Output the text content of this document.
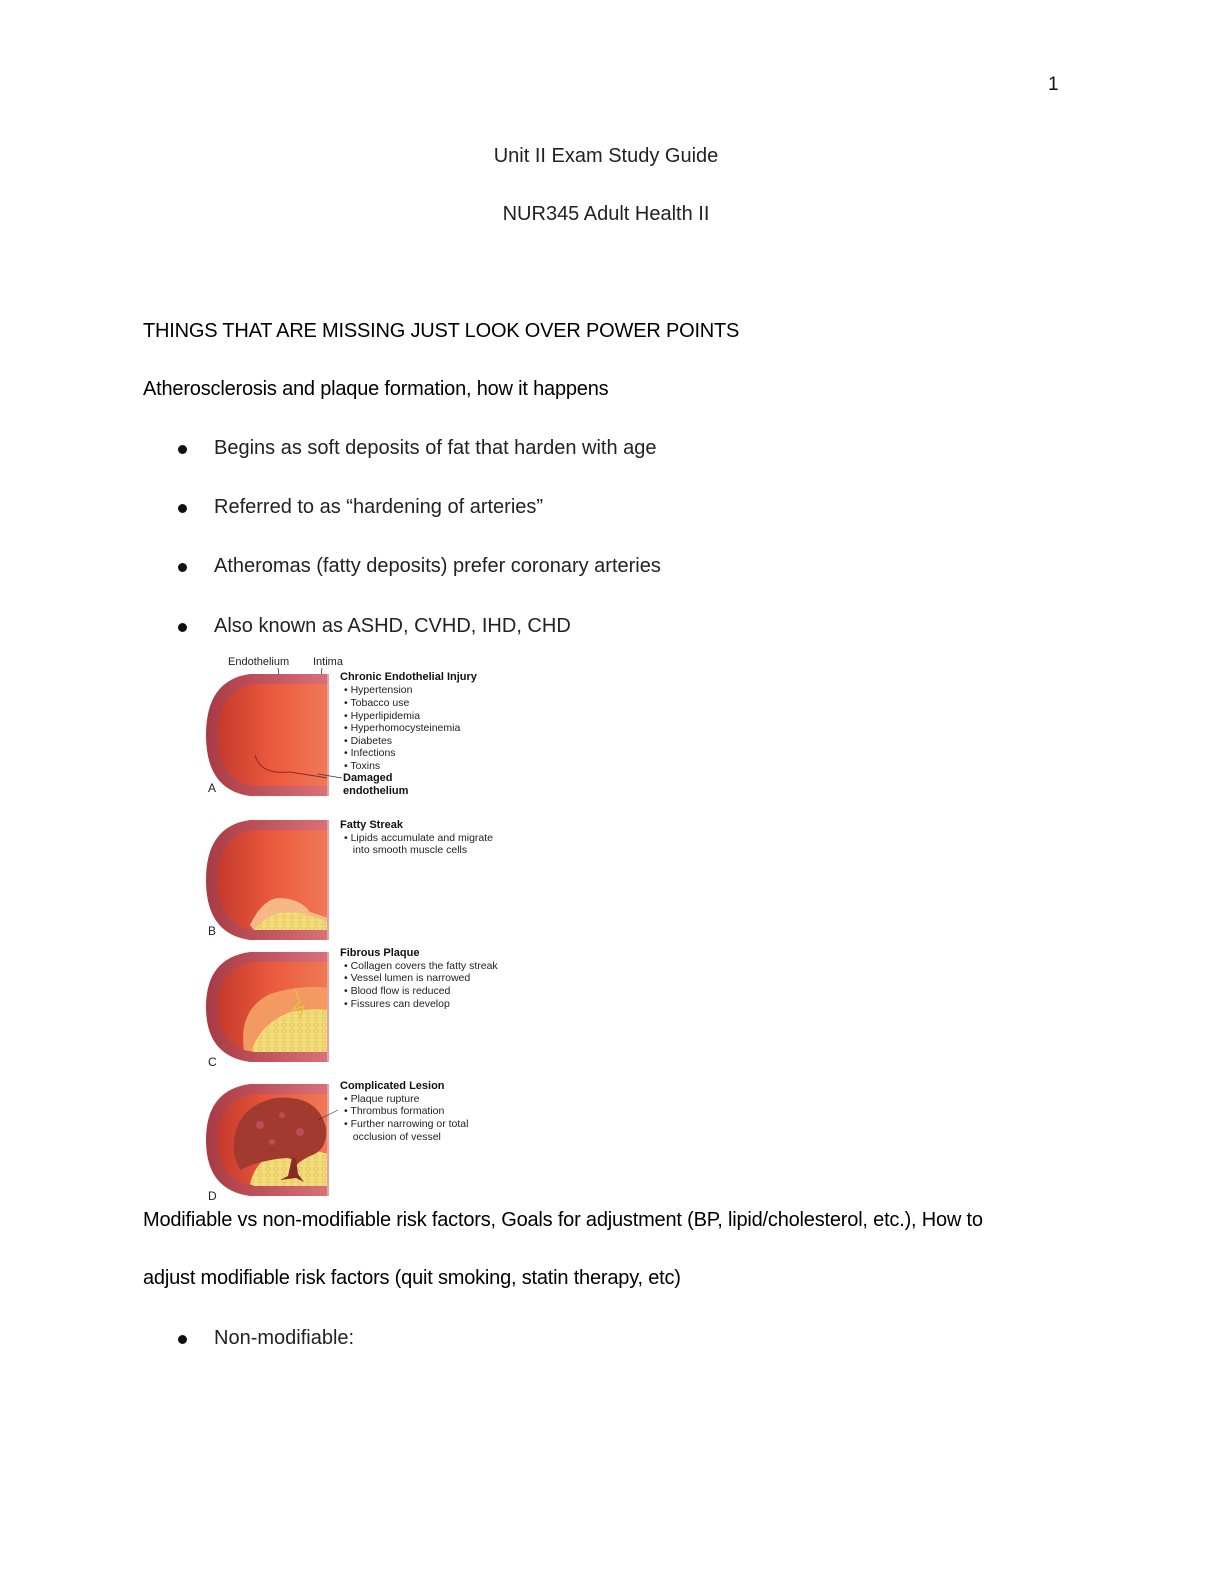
1
Unit II Exam Study Guide
NUR345 Adult Health II
THINGS THAT ARE MISSING JUST LOOK OVER POWER POINTS
Atherosclerosis and plaque formation, how it happens
Begins as soft deposits of fat that harden with age
Referred to as “hardening of arteries”
Atheromas (fatty deposits) prefer coronary arteries
Also known as ASHD, CVHD, IHD, CHD
Endothelium Intima
A
Chronic Endothelial Injury
• Hypertension
• Tobacco use
• Hyperlipidemia
• Hyperhomocysteinemia
• Diabetes
• Infections
• Toxins
Damaged
endothelium
B
Fatty Streak
• Lipids accumulate and migrate
into smooth muscle cells
C
Fibrous Plaque
• Collagen covers the fatty streak
• Vessel lumen is narrowed
• Blood flow is reduced
• Fissures can develop
D
Complicated Lesion
• Plaque rupture
• Thrombus formation
• Further narrowing or total
occlusion of vessel
Modifiable vs non-modifiable risk factors, Goals for adjustment (BP, lipid/cholesterol, etc.), How to
adjust modifiable risk factors (quit smoking, statin therapy, etc)
Non-modifiable:
